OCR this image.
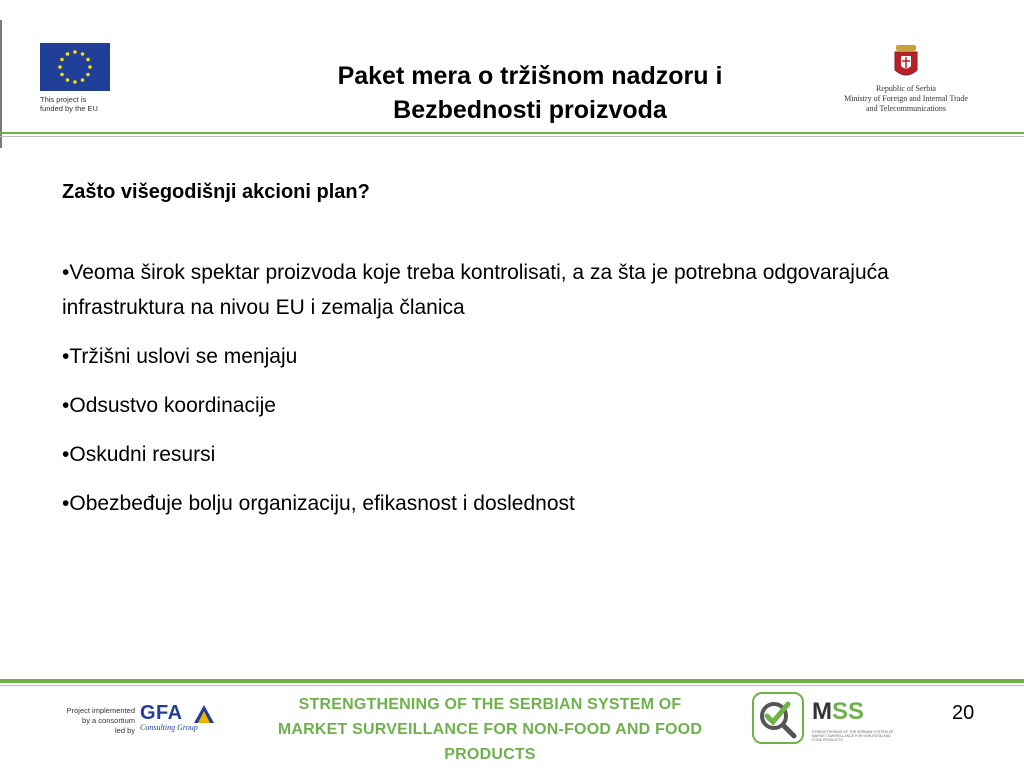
This project is
funded by the EU
Paket mera o tržišnom nadzoru i
Bezbednosti proizvoda
Republic of Serbia
Ministry of Foreign and Internal Trade
and Telecommunications
Zašto višegodišnji akcioni plan?
• Veoma širok spektar proizvoda koje treba kontrolisati, a za šta je potrebna odgovarajuća infrastruktura na nivou EU i zemalja članica
• Tržišni uslovi se menjaju
• Odsustvo koordinacije
• Oskudni resursi
• Obezbeđuje bolju organizaciju, efikasnost i doslednost
Project implemented
by a consortium
led by
GFA
Consulting Group
STRENGTHENING OF THE SERBIAN SYSTEM OF
MARKET SURVEILLANCE FOR NON-FOOD AND FOOD PRODUCTS
MSS
STRENGTHENING OF THE SERBIAN SYSTEM OF MARKET SURVEILLANCE FOR NON-FOOD AND FOOD PRODUCTS
20
